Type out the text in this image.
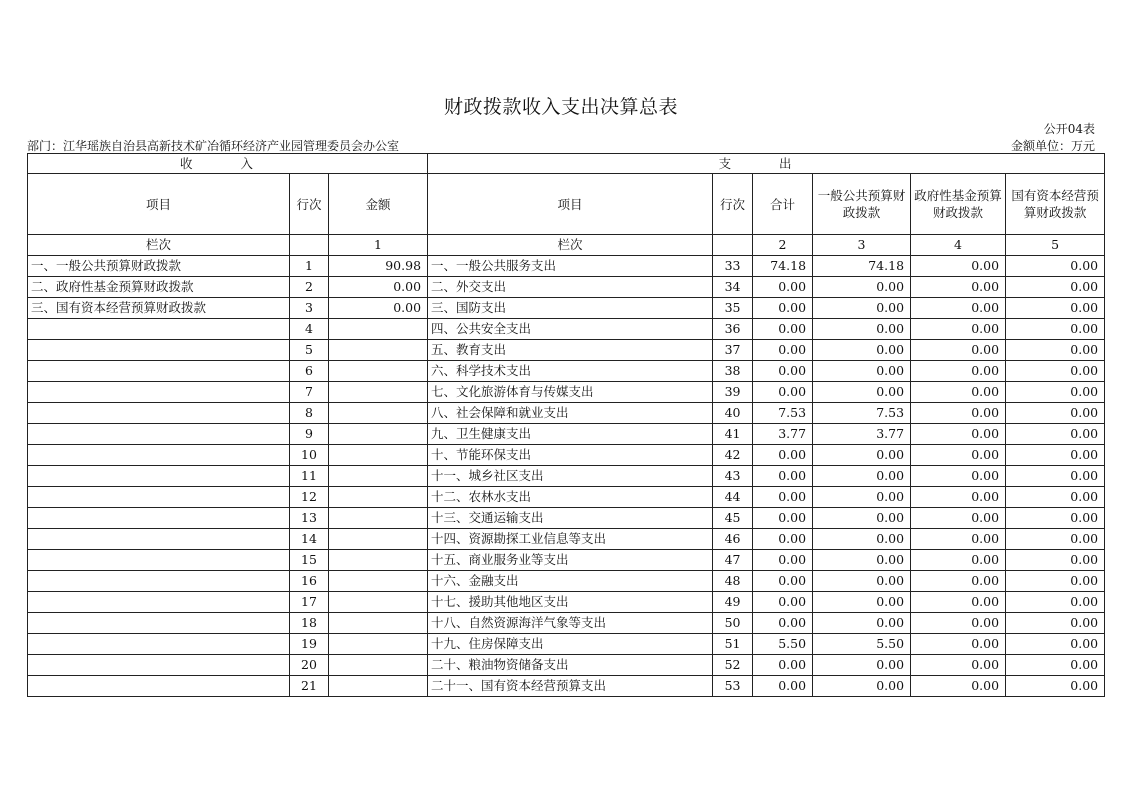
财政拨款收入支出决算总表
公开04表
部门：江华瑶族自治县高新技术矿冶循环经济产业园管理委员会办公室	金额单位：万元
收 入			支 出					
项目	行次	金额	项目	行次	合计	一般公共预算财政拨款	政府性基金预算财政拨款	国有资本经营预算财政拨款
栏次		1	栏次		2	3	4	5
一、一般公共预算财政拨款	1	90.98	一、一般公共服务支出	33	74.18	74.18	0.00	0.00
二、政府性基金预算财政拨款	2	0.00	二、外交支出	34	0.00	0.00	0.00	0.00
三、国有资本经营预算财政拨款	3	0.00	三、国防支出	35	0.00	0.00	0.00	0.00
	4		四、公共安全支出	36	0.00	0.00	0.00	0.00
	5		五、教育支出	37	0.00	0.00	0.00	0.00
	6		六、科学技术支出	38	0.00	0.00	0.00	0.00
	7		七、文化旅游体育与传媒支出	39	0.00	0.00	0.00	0.00
	8		八、社会保障和就业支出	40	7.53	7.53	0.00	0.00
	9		九、卫生健康支出	41	3.77	3.77	0.00	0.00
	10		十、节能环保支出	42	0.00	0.00	0.00	0.00
	11		十一、城乡社区支出	43	0.00	0.00	0.00	0.00
	12		十二、农林水支出	44	0.00	0.00	0.00	0.00
	13		十三、交通运输支出	45	0.00	0.00	0.00	0.00
	14		十四、资源勘探工业信息等支出	46	0.00	0.00	0.00	0.00
	15		十五、商业服务业等支出	47	0.00	0.00	0.00	0.00
	16		十六、金融支出	48	0.00	0.00	0.00	0.00
	17		十七、援助其他地区支出	49	0.00	0.00	0.00	0.00
	18		十八、自然资源海洋气象等支出	50	0.00	0.00	0.00	0.00
	19		十九、住房保障支出	51	5.50	5.50	0.00	0.00
	20		二十、粮油物资储备支出	52	0.00	0.00	0.00	0.00
	21		二十一、国有资本经营预算支出	53	0.00	0.00	0.00	0.00
